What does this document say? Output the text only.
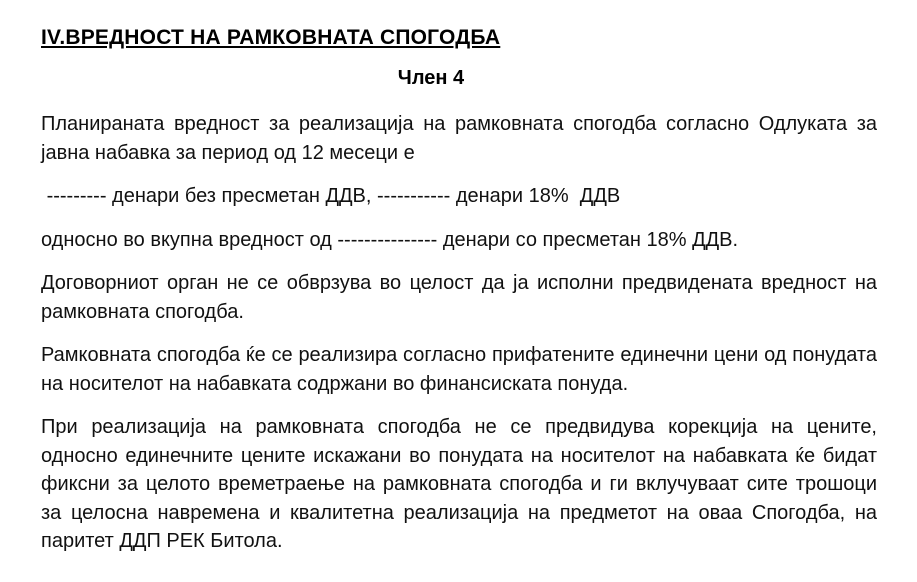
IV.ВРЕДНОСТ НА РАМКОВНАТА СПОГОДБА
Член 4

Планираната вредност за реализација на рамковната спогодба согласно Одлуката за јавна набавка за период од 12 месеци е

--------- денари без пресметан ДДВ, ----------- денари 18%  ДДВ

односно во вкупна вредност од --------------- денари со пресметан 18% ДДВ.

Договорниот орган не се обврзува во целост да ја исполни предвидената вредност на рамковната спогодба.

Рамковната спогодба ќе се реализира согласно прифатените единечни цени од понудата на носителот на набавката содржани во финансиската понуда.

При реализација на рамковната спогодба не се предвидува корекција на цените, односно единечните цените искажани во понудата на носителот на набавката ќе бидат фиксни за целото времетраење на рамковната спогодба и ги вклучуваат сите трошоци за целосна навремена и квалитетна реализација на предметот на оваа Спогодба, на паритет ДДП РЕК Битола.
